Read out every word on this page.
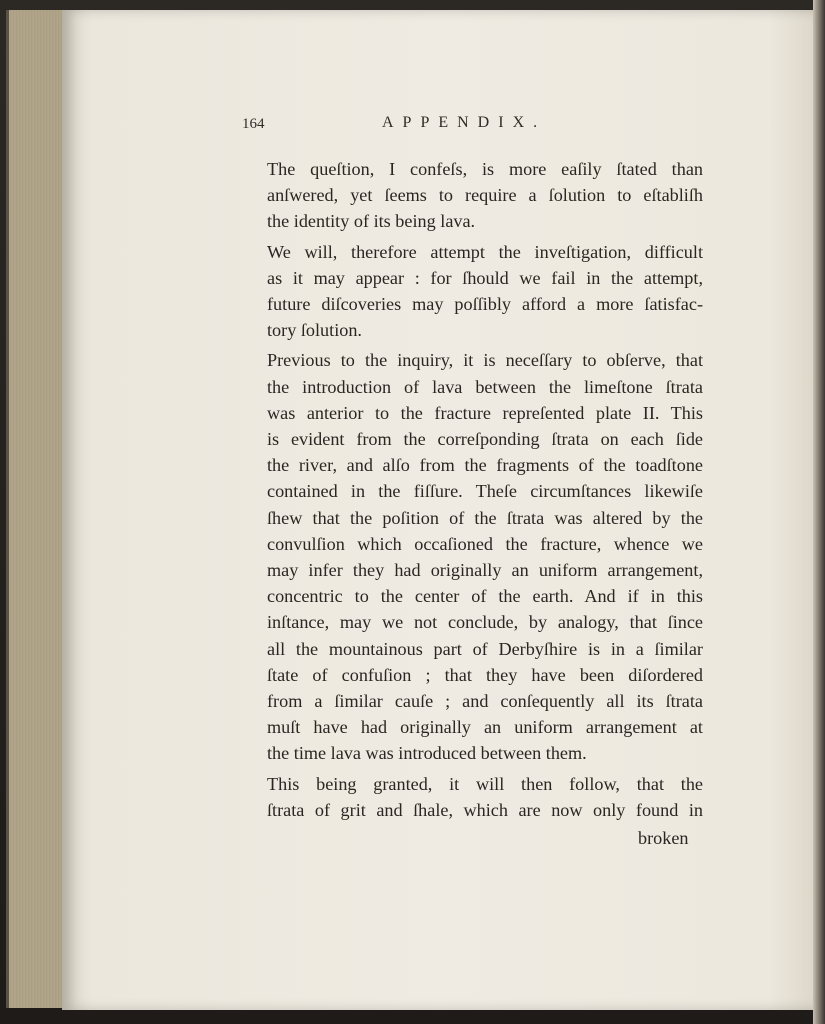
164	APPENDIX.

The queſtion, I confeſs, is more eaſily ſtated than
anſwered, yet ſeems to require a ſolution to eſtabliſh
the identity of its being lava.

We will, therefore attempt the inveſtigation, difficult
as it may appear : for ſhould we fail in the attempt,
future diſcoveries may poſſibly afford a more ſatisfac-
tory ſolution.

Previous to the inquiry, it is neceſſary to obſerve, that
the introduction of lava between the limeſtone ſtrata
was anterior to the fracture repreſented plate II. This
is evident from the correſponding ſtrata on each ſide
the river, and alſo from the fragments of the toadſtone
contained in the fiſſure. Theſe circumſtances likewiſe
ſhew that the poſition of the ſtrata was altered by the
convulſion which occaſioned the fracture, whence we
may infer they had originally an uniform arrangement,
concentric to the center of the earth. And if in this
inſtance, may we not conclude, by analogy, that ſince
all the mountainous part of Derbyſhire is in a ſimilar
ſtate of confuſion ; that they have been diſordered
from a ſimilar cauſe ; and conſequently all its ſtrata
muſt have had originally an uniform arrangement at
the time lava was introduced between them.

This being granted, it will then follow, that the
ſtrata of grit and ſhale, which are now only found in

broken
